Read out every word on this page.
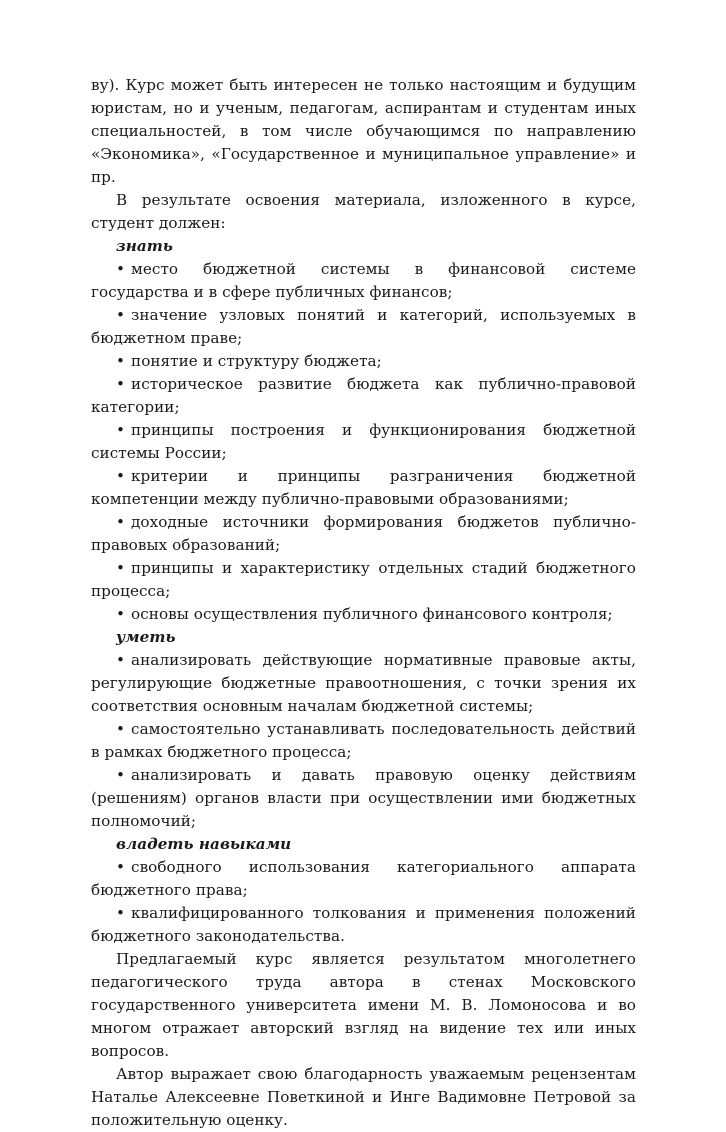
ву). Курс может быть интересен не только настоящим и будущим юристам, но и ученым, педагогам, аспирантам и студентам иных специальностей, в том числе обучающимся по направлению «Экономика», «Государственное и муниципальное управление» и пр.

В результате освоения материала, изложенного в курсе, студент должен:

знать

• место бюджетной системы в финансовой системе государства и в сфере публичных финансов;

• значение узловых понятий и категорий, используемых в бюджетном праве;

• понятие и структуру бюджета;

• историческое развитие бюджета как публично-правовой категории;

• принципы построения и функционирования бюджетной системы России;

• критерии и принципы разграничения бюджетной компетенции между публично-правовыми образованиями;

• доходные источники формирования бюджетов публично-правовых образований;

• принципы и характеристику отдельных стадий бюджетного процесса;

• основы осуществления публичного финансового контроля;

уметь

• анализировать действующие нормативные правовые акты, регулирующие бюджетные правоотношения, с точки зрения их соответствия основным началам бюджетной системы;

• самостоятельно устанавливать последовательность действий в рамках бюджетного процесса;

• анализировать и давать правовую оценку действиям (решениям) органов власти при осуществлении ими бюджетных полномочий;

владеть навыками

• свободного использования категориального аппарата бюджетного права;

• квалифицированного толкования и применения положений бюджетного законодательства.

Предлагаемый курс является результатом многолетнего педагогического труда автора в стенах Московского государственного университета имени М. В. Ломоносова и во многом отражает авторский взгляд на видение тех или иных вопросов.

Автор выражает свою благодарность уважаемым рецензентам Наталье Алексеевне Поветкиной и Инге Вадимовне Петровой за положительную оценку.
